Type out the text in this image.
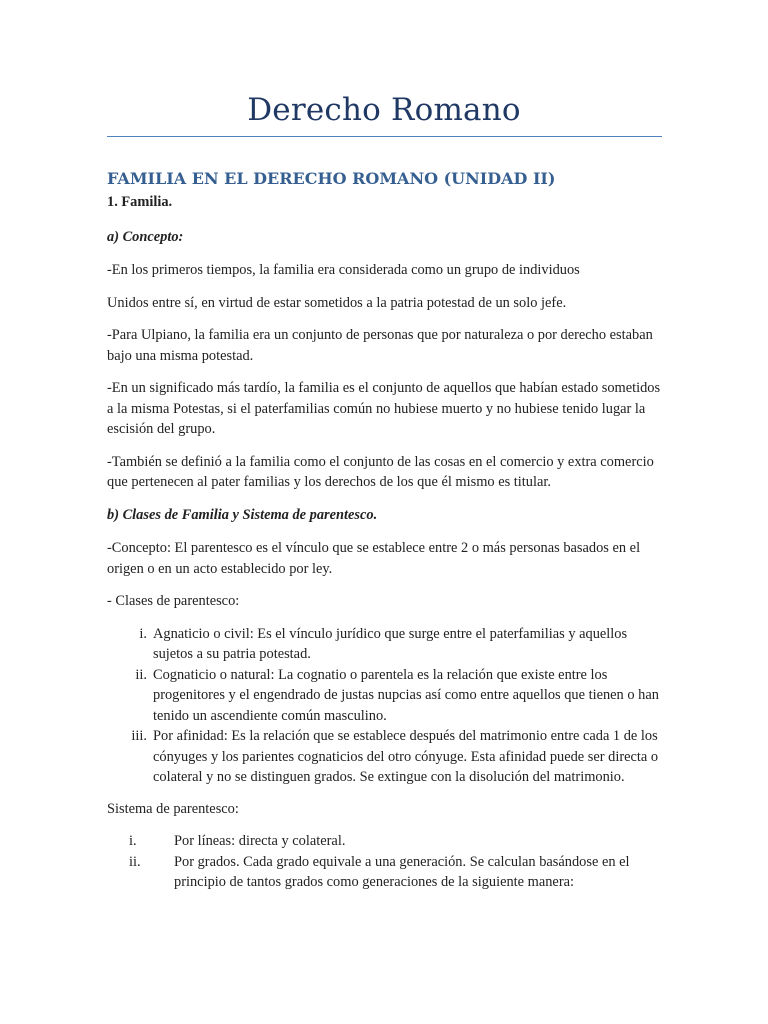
Derecho Romano
FAMILIA EN EL DERECHO ROMANO (UNIDAD II)
1. Familia.
a) Concepto:

-En los primeros tiempos, la familia era considerada como un grupo de individuos

Unidos entre sí, en virtud de estar sometidos a la patria potestad de un solo jefe.

-Para Ulpiano, la familia era un conjunto de personas que por naturaleza o por derecho estaban bajo una misma potestad.

-En un significado más tardío, la familia es el conjunto de aquellos que habían estado sometidos a la misma Potestas, si el paterfamilias común no hubiese muerto y no hubiese tenido lugar la escisión del grupo.

-También se definió a la familia como el conjunto de las cosas en el comercio y extra comercio que pertenecen al pater familias y los derechos de los que él mismo es titular.

b) Clases de Familia y Sistema de parentesco.

-Concepto: El parentesco es el vínculo que se establece entre 2 o más personas basados en el origen o en un acto establecido por ley.

- Clases de parentesco:

i. Agnaticio o civil: Es el vínculo jurídico que surge entre el paterfamilias y aquellos sujetos a su patria potestad.
ii. Cognaticio o natural: La cognatio o parentela es la relación que existe entre los progenitores y el engendrado de justas nupcias así como entre aquellos que tienen o han tenido un ascendiente común masculino.
iii. Por afinidad: Es la relación que se establece después del matrimonio entre cada 1 de los cónyuges y los parientes cognaticios del otro cónyuge. Esta afinidad puede ser directa o colateral y no se distinguen grados. Se extingue con la disolución del matrimonio.

Sistema de parentesco:

i.	Por líneas: directa y colateral.
ii. Por grados. Cada grado equivale a una generación. Se calculan basándose en el principio de tantos grados como generaciones de la siguiente manera:
